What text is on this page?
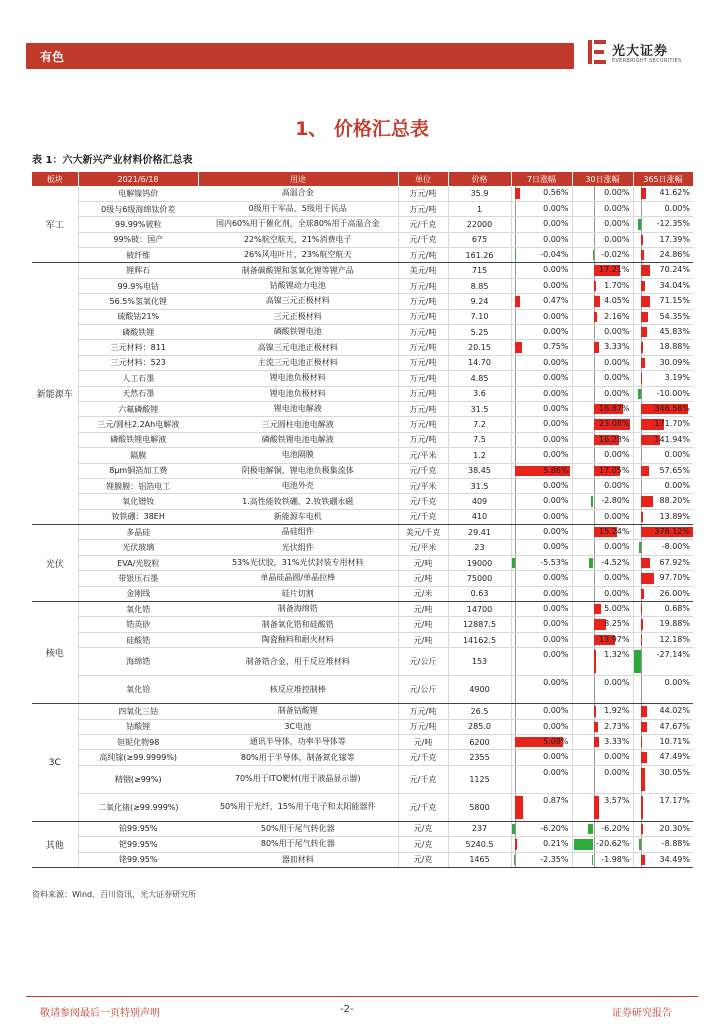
有色	光大证券
EVERBRIGHT SECURITIES
1、 价格汇总表
表 1：六大新兴产业材料价格汇总表
板块	2021/6/18	用途	单位	价格	7日涨幅	30日涨幅	365日涨幅
军工	电解镍钨价	高温合金	万元/吨	35.9	0.56%	0.00%	41.62%

	0级与6级海绵钛价差	0级用于军品，5级用于民品	万元/吨	1	0.00%	0.00%	0.00%

	99.99%铍粒	国内60%用于催化剂，全球80%用于高温合金	元/千克	22000	0.00%	0.00%	-12.35%

	99%铍：国产	22%航空航天，21%消费电子	元/千克	675	0.00%	0.00%	17.39%

	铍纤维	26%风电叶片，23%航空航天	万元/吨	161.26	-0.04%	-0.02%	24.86%

新能源车	锂辉石	制备碳酸锂和氢氧化锂等锂产品	美元/吨	715	0.00%	17.21%	70.24%

	99.9%电钴	钴酸锂动力电池	万元/吨	8.85	0.00%	1.70%	34.04%

	56.5%氢氧化锂	高镍三元正极材料	万元/吨	9.24	0.47%	4.05%	71.15%

	硫酸钴21%	三元正极材料	万元/吨	7.10	0.00%	2.16%	54.35%

	磷酸铁锂	磷酸铁锂电池	万元/吨	5.25	0.00%	0.00%	45.83%

	三元材料：811	高镍三元电池正极材料	万元/吨	20.15	0.75%	3.33%	18.88%

	三元材料：523	主流三元电池正极材料	万元/吨	14.70	0.00%	0.00%	30.09%

	人工石墨	锂电池负极材料	万元/吨	4.85	0.00%	0.00%	3.19%

	天然石墨	锂电池负极材料	万元/吨	3.6	0.00%	0.00%	-10.00%

	六氟磷酸锂	锂电池电解液	万元/吨	31.5	0.00%	18.87%	346.58%

	三元/圆柱2.2Ah电解液	三元圆柱电池电解液	万元/吨	7.2	0.00%	23.08%	171.70%

	磷酸铁锂电解液	磷酸铁锂电池电解液	万元/吨	7.5	0.00%	16.28%	141.94%

	隔膜	电池隔膜	元/平米	1.2	0.00%	0.00%	0.00%

	8μm铜箔加工费	阴极电解铜，锂电池负极集流体	元/千克	38.45	5.86%	17.05%	57.65%

	锂膜膜：铝箔电工	电池外壳	元/平米	31.5	0.00%	0.00%	0.00%

	氧化镨钕	1.高性能钕铁硼，2.钕铁硼永磁	元/千克	409	0.00%	-2.80%	88.20%

	钕铁硼：38EH	新能源车电机	元/千克	410	0.00%	0.00%	13.89%

光伏	多晶硅	晶硅组件	美元/千克	29.41	0.00%	15.24%	378.12%

	光伏玻璃	光伏组件	元/平米	23	0.00%	0.00%	-8.00%

	EVA/光胶粒	53%光伏胶，31%光伏封装专用材料	元/吨	19000	-5.53%	-4.52%	67.92%

	带银压石墨	单晶硅晶圆/单晶拉棒	元/吨	75000	0.00%	0.00%	97.70%

	金刚线	硅片切割	元/米	0.63	0.00%	0.00%	26.00%

核电	氧化锆	制备海绵锆	元/吨	14700	0.00%	5.00%	0.68%

	锆英砂	制备氧化锆和硅酸锆	元/吨	12887.5	0.00%	8.25%	19.88%

	硅酸锆	陶瓷釉料和耐火材料	元/吨	14162.5	0.00%	13.97%	12.18%

	海绵锆	制备锆合金，用于反应堆材料	元/公斤	153	0.00%	1.32%	-27.14%

	氧化铪	核反应堆控制棒	元/公斤	4900	0.00%	0.00%	0.00%

3C	四氧化三钴	制备钴酸锂	万元/吨	26.5	0.00%	1.92%	44.02%

	钴酸锂	3C电池	万元/吨	285.0	0.00%	2.73%	47.67%

	钽铌化物98	通讯半导体，功率半导体等	元/吨	6200	5.08%	3.33%	10.71%

	高纯镓(≥99.9999%)	80%用于半导体，制备氮化镓等	元/千克	2355	0.00%	0.00%	47.49%

	精铟(≥99%)	70%用于ITO靶材(用于液晶显示器)	元/千克	1125	0.00%	0.00%	30.05%

	二氧化锗(≥99.999%)	50%用于光纤，15%用于电子和太阳能器件	元/千克	5800	0.87%	3.57%	17.17%

其他	铂99.95%	50%用于尾气转化器	元/克	237	-6.20%	-6.20%	20.30%

	钯99.95%	80%用于尾气转化器	元/克	5240.5	0.21%	-20.62%	-8.88%

	铑99.95%	器皿材料	元/克	1465	-2.35%	-1.98%	34.49%
资料来源：Wind、百川资讯，光大证券研究所
敬请参阅最后一页特别声明	-2-	证券研究报告
